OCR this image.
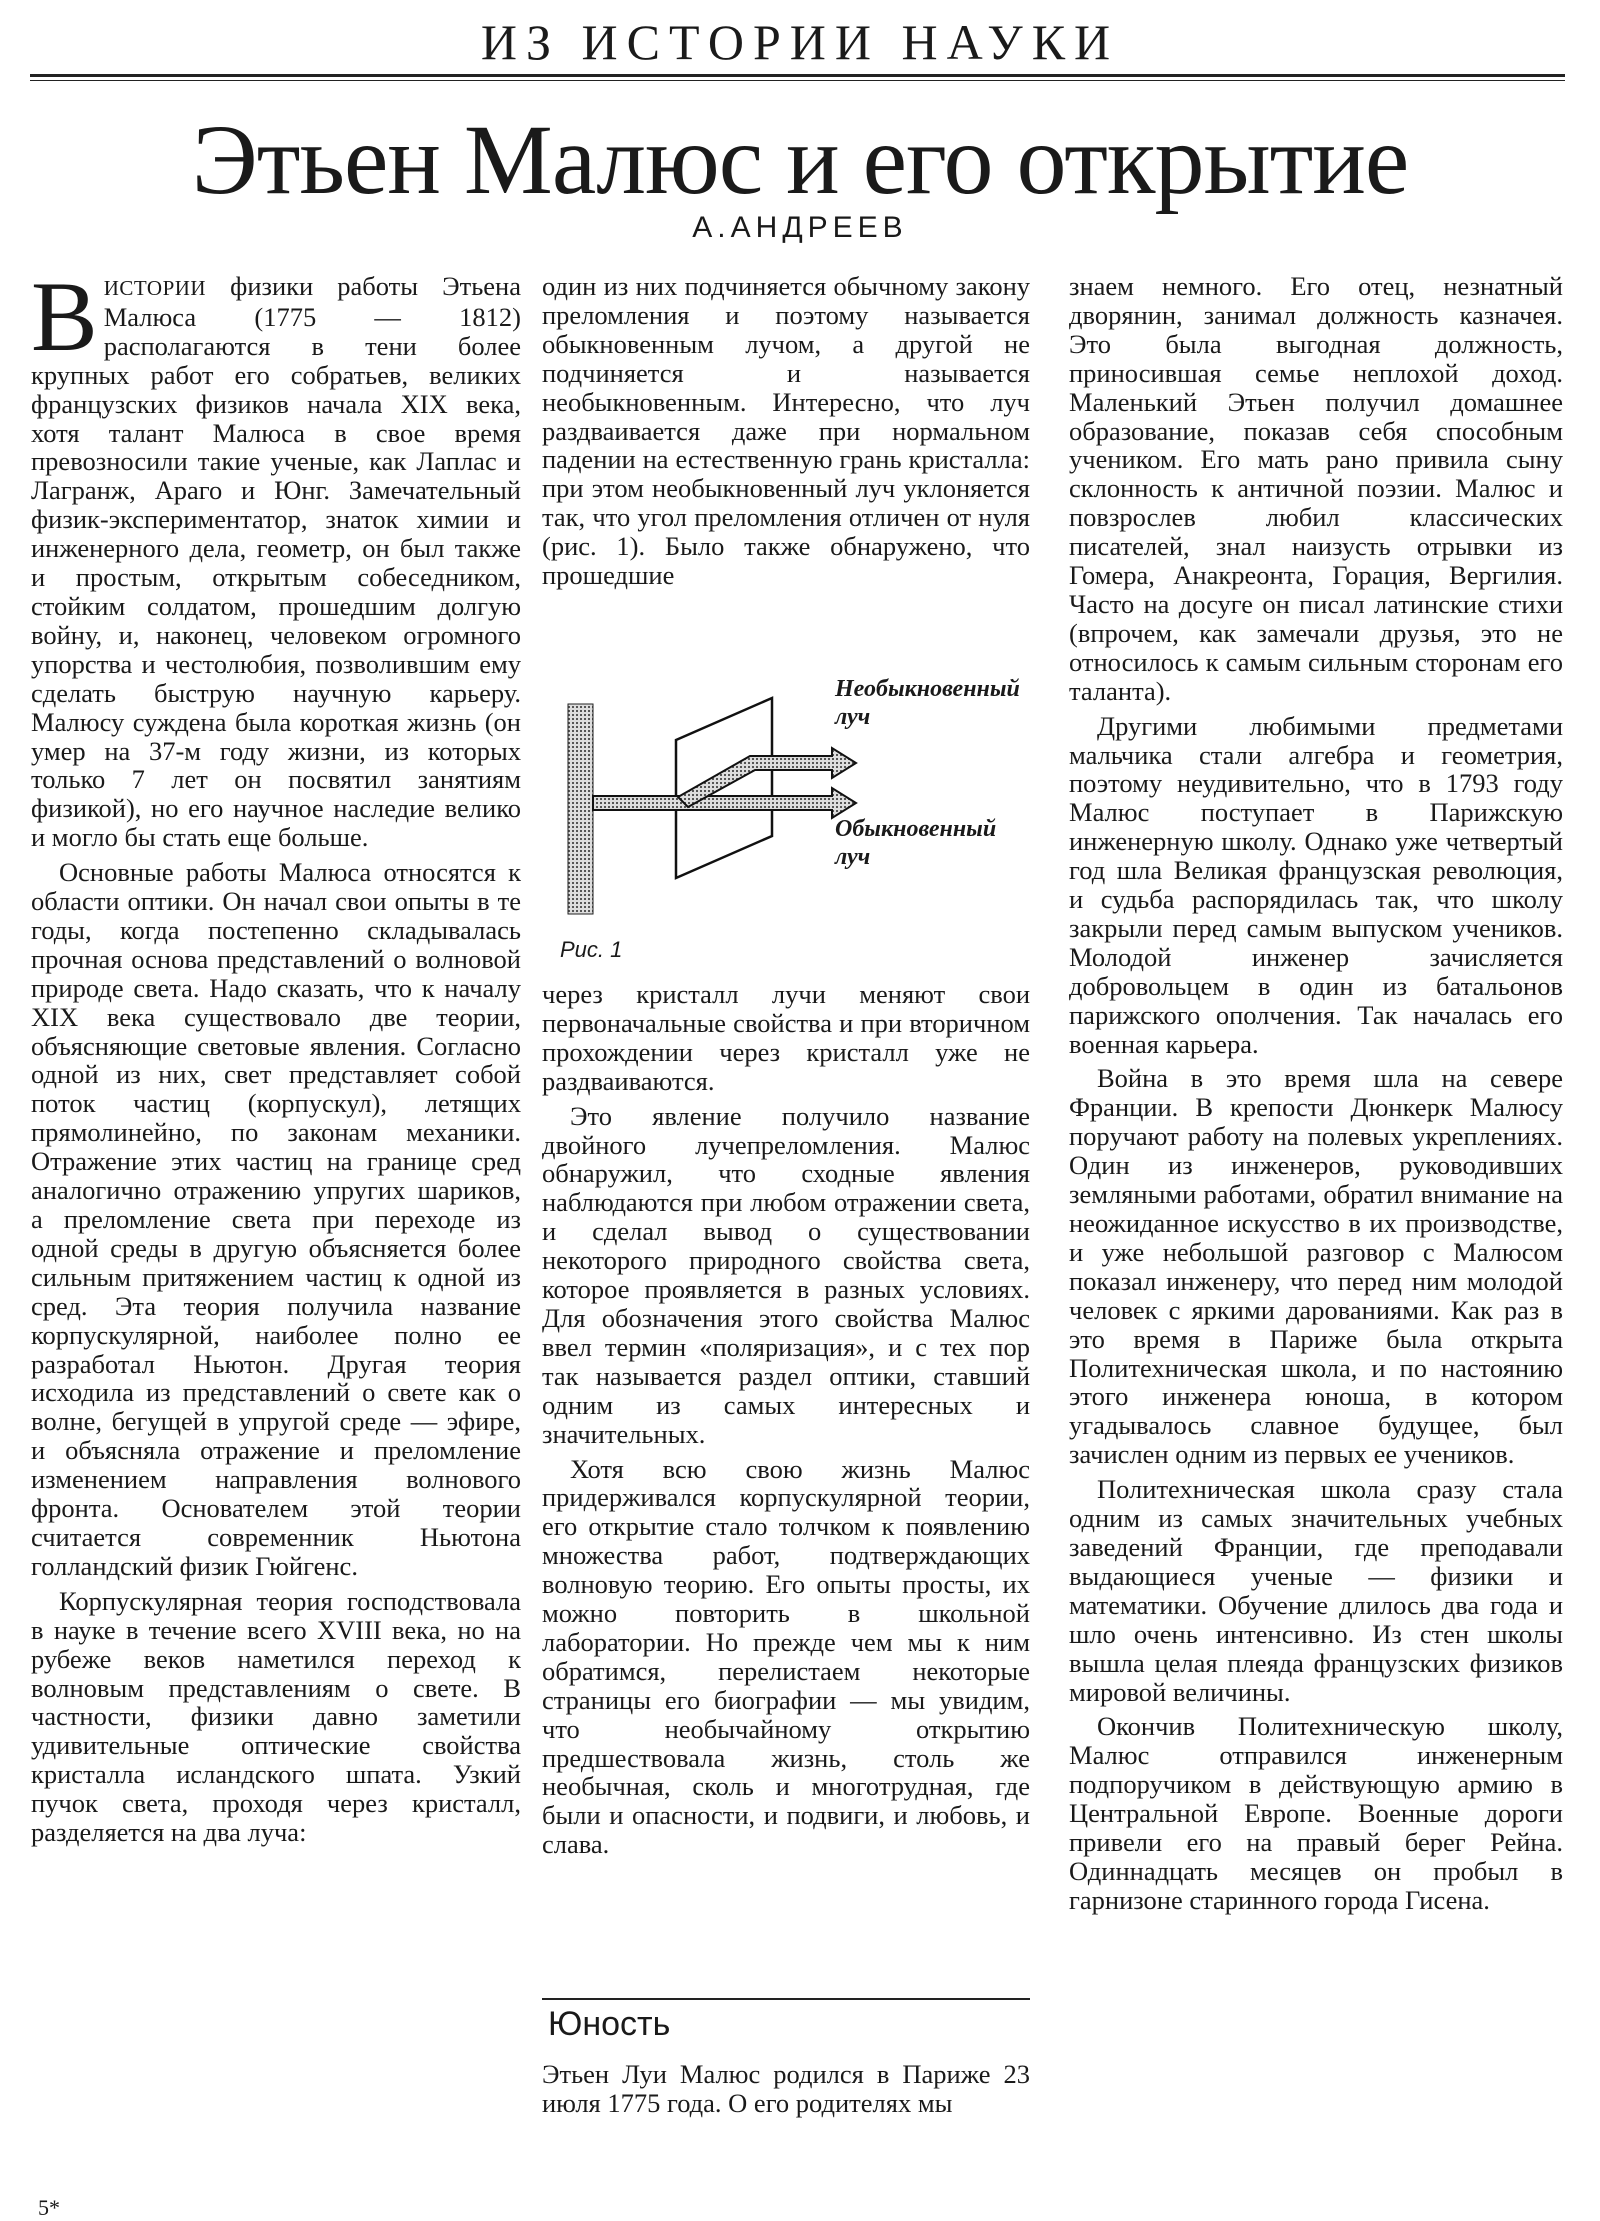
ИЗ ИСТОРИИ НАУКИ
Этьен Малюс и его открытие
А.АНДРЕЕВ

ВИСТОРИИ физики работы Этьена Малюса (1775 — 1812) располагаются в тени более крупных работ его собратьев, великих французских физиков начала XIX века, хотя талант Малюса в свое время превозносили такие ученые, как Лаплас и Лагранж, Араго и Юнг. Замечательный физик-экспериментатор, знаток химии и инженерного дела, геометр, он был также и простым, открытым собеседником, стойким солдатом, прошедшим долгую войну, и, наконец, человеком огромного упорства и честолюбия, позволившим ему сделать быструю научную карьеру. Малюсу суждена была короткая жизнь (он умер на 37-м году жизни, из которых только 7 лет он посвятил занятиям физикой), но его научное наследие велико и могло бы стать еще больше.

Основные работы Малюса относятся к области оптики. Он начал свои опыты в те годы, когда постепенно складывалась прочная основа представлений о волновой природе света. Надо сказать, что к началу XIX века существовало две теории, объясняющие световые явления. Согласно одной из них, свет представляет собой поток частиц (корпускул), летящих прямолинейно, по законам механики. Отражение этих частиц на границе сред аналогично отражению упругих шариков, а преломление света при переходе из одной среды в другую объясняется более сильным притяжением частиц к одной из сред. Эта теория получила название корпускулярной, наиболее полно ее разработал Ньютон. Другая теория исходила из представлений о свете как о волне, бегущей в упругой среде — эфире, и объясняла отражение и преломление изменением направления волнового фронта. Основателем этой теории считается современник Ньютона голландский физик Гюйгенс.

Корпускулярная теория господствовала в науке в течение всего XVIII века, но на рубеже веков наметился переход к волновым представлениям о свете. В частности, физики давно заметили удивительные оптические свойства кристалла исландского шпата. Узкий пучок света, проходя через кристалл, разделяется на два луча:

один из них подчиняется обычному закону преломления и поэтому называется обыкновенным лучом, а другой не подчиняется и называется необыкновенным. Интересно, что луч раздваивается даже при нормальном падении на естественную грань кристалла: при этом необыкновенный луч уклоняется так, что угол преломления отличен от нуля (рис. 1). Было также обнаружено, что прошедшие

Необыкновенный
луч
Обыкновенный
луч
Рис. 1

через кристалл лучи меняют свои первоначальные свойства и при вторичном прохождении через кристалл уже не раздваиваются.

Это явление получило название двойного лучепреломления. Малюс обнаружил, что сходные явления наблюдаются при любом отражении света, и сделал вывод о существовании некоторого природного свойства света, которое проявляется в разных условиях. Для обозначения этого свойства Малюс ввел термин «поляризация», и с тех пор так называется раздел оптики, ставший одним из самых интересных и значительных.

Хотя всю свою жизнь Малюс придерживался корпускулярной теории, его открытие стало толчком к появлению множества работ, подтверждающих волновую теорию. Его опыты просты, их можно повторить в школьной лаборатории. Но прежде чем мы к ним обратимся, перелистаем некоторые страницы его биографии — мы увидим, что необычайному открытию предшествовала жизнь, столь же необычная, сколь и многотрудная, где были и опасности, и подвиги, и любовь, и слава.

Юность

Этьен Луи Малюс родился в Париже 23 июля 1775 года. О его родителях мы

знаем немного. Его отец, незнатный дворянин, занимал должность казначея. Это была выгодная должность, приносившая семье неплохой доход. Маленький Этьен получил домашнее образование, показав себя способным учеником. Его мать рано привила сыну склонность к античной поэзии. Малюс и повзрослев любил классических писателей, знал наизусть отрывки из Гомера, Анакреонта, Горация, Вергилия. Часто на досуге он писал латинские стихи (впрочем, как замечали друзья, это не относилось к самым сильным сторонам его таланта).

Другими любимыми предметами мальчика стали алгебра и геометрия, поэтому неудивительно, что в 1793 году Малюс поступает в Парижскую инженерную школу. Однако уже четвертый год шла Великая французская революция, и судьба распорядилась так, что школу закрыли перед самым выпуском учеников. Молодой инженер зачисляется добровольцем в один из батальонов парижского ополчения. Так началась его военная карьера.

Война в это время шла на севере Франции. В крепости Дюнкерк Малюсу поручают работу на полевых укреплениях. Один из инженеров, руководивших земляными работами, обратил внимание на неожиданное искусство в их производстве, и уже небольшой разговор с Малюсом показал инженеру, что перед ним молодой человек с яркими дарованиями. Как раз в это время в Париже была открыта Политехническая школа, и по настоянию этого инженера юноша, в котором угадывалось славное будущее, был зачислен одним из первых ее учеников.

Политехническая школа сразу стала одним из самых значительных учебных заведений Франции, где преподавали выдающиеся ученые — физики и математики. Обучение длилось два года и шло очень интенсивно. Из стен школы вышла целая плеяда французских физиков мировой величины.

Окончив Политехническую школу, Малюс отправился инженерным подпоручиком в действующую армию в Центральной Европе. Военные дороги привели его на правый берег Рейна. Одиннадцать месяцев он пробыл в гарнизоне старинного города Гисена.

5*
